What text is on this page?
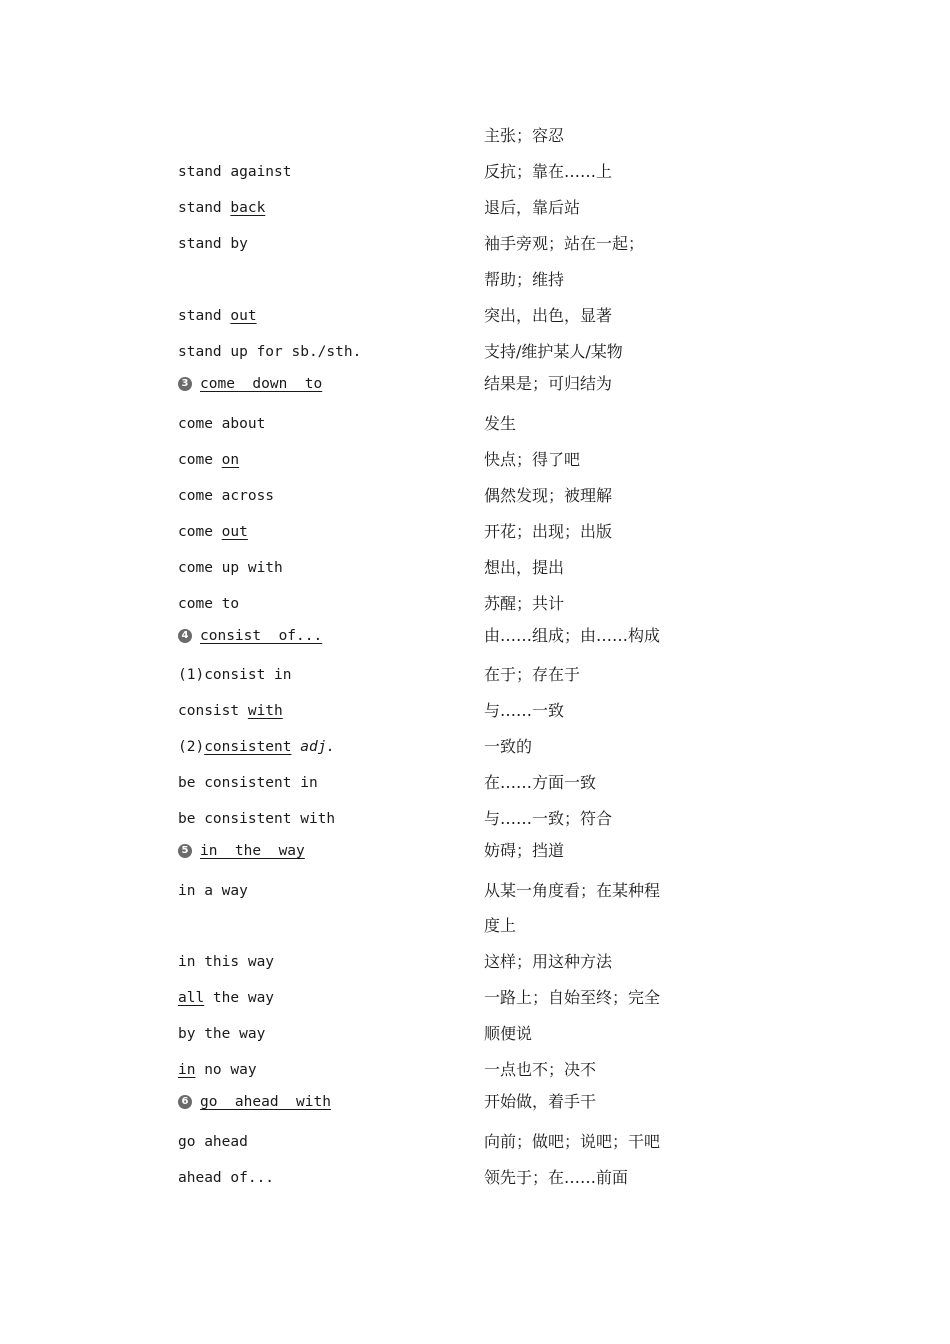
主张；容忍
stand against	反抗；靠在……上
stand back	退后，靠后站
stand by	袖手旁观；站在一起；
帮助；维持
stand out	突出，出色，显著
stand up for sb./sth.	支持/维护某人/某物
3 come  down  to	结果是；可归结为
come about	发生
come on	快点；得了吧
come across	偶然发现；被理解
come out	开花；出现；出版
come up with	想出，提出
come to	苏醒；共计
4 consist  of...	由……组成；由……构成
(1)consist in	在于；存在于
consist with	与……一致
(2)consistent adj.	一致的
be consistent in	在……方面一致
be consistent with	与……一致；符合
5 in  the  way	妨碍；挡道
in a way	从某一角度看；在某种程
度上
in this way	这样；用这种方法
all the way	一路上；自始至终；完全
by the way	顺便说
in no way	一点也不；决不
6 go  ahead  with	开始做，着手干
go ahead	向前；做吧；说吧；干吧
ahead of...	领先于；在……前面
